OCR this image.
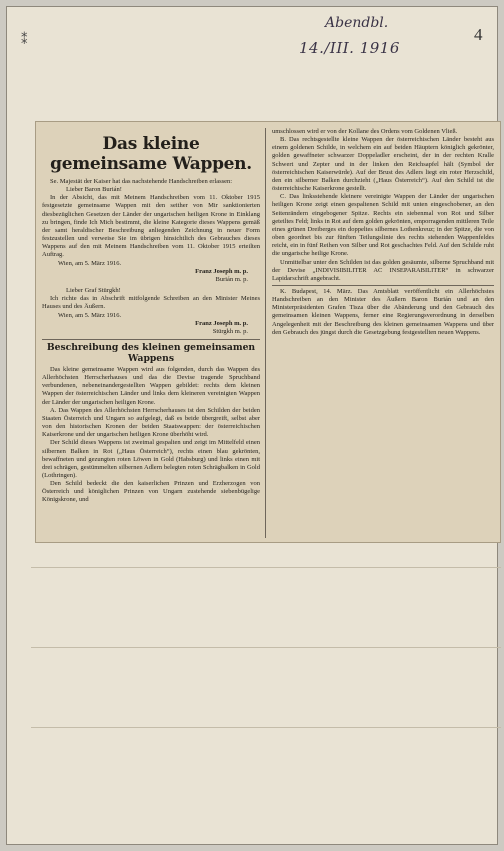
⁑
Abendbl.
14./III. 1916
4
Das kleine gemeinsame Wappen.

Se. Majestät der Kaiser hat das nachstehende Handschreiben erlassen:

Lieber Baron Burián!

In der Absicht, das mit Meinem Handschreiben vom 11. Oktober 1915 festgesetzte gemeinsame Wappen mit den seither von Mir sanktionierten diesbezüglichen Gesetzen der Länder der ungarischen heiligen Krone in Einklang zu bringen, finde Ich Mich bestimmt, die kleine Kategorie dieses Wappens gemäß der samt heraldischer Beschreibung anliegenden Zeichnung in neuer Form festzustellen und verweise Sie im übrigen hinsichtlich des Gebrauches dieses Wappens auf den mit Meinem Handschreiben vom 11. Oktober 1915 erteilten Auftrag.

Wien, am 5. März 1916.

Franz Joseph m. p.

Burián m. p.

Lieber Graf Stürgkh!

Ich richte das in Abschrift mitfolgende Schreiben an den Minister Meines Hauses und des Äußern.

Wien, am 5. März 1916.

Franz Joseph m. p.

Stürgkh m. p.

Beschreibung des kleinen gemeinsamen Wappens

Das kleine gemeinsame Wappen wird aus folgenden, durch das Wappen des Allerhöchsten Herrscherhauses und das die Devise tragende Spruchband verbundenen, nebeneinandergestellten Wappen gebildet: rechts dem kleinen Wappen der österreichischen Länder und links dem kleineren vereinigten Wappen der Länder der ungarischen heiligen Krone.

A. Das Wappen des Allerhöchsten Herrscherhauses ist den Schilden der beiden Staaten Österreich und Ungarn so aufgelegt, daß es beide übergreift, selbst aber von den historischen Kronen der beiden Staatswappen: der österreichischen Kaiserkrone und der ungarischen heiligen Krone überhöht wird.

Der Schild dieses Wappens ist zweimal gespalten und zeigt im Mittelfeld einen silbernen Balken in Rot („Haus Österreich“), rechts einen blau gekrönten, bewaffneten und gezungten roten Löwen in Gold (Habsburg) und links einen mit drei schrägen, gestümmelten silbernen Adlern belegten roten Schrägbalken in Gold (Lothringen).

Den Schild bedeckt die den kaiserlichen Prinzen und Erzherzogen von Österreich und königlichen Prinzen von Ungarn zustehende siebenbügelige Königskrone, und

umschlossen wird er von der Kollane des Ordens vom Goldenen Vließ.

B. Das rechtsgestellte kleine Wappen der österreichischen Länder besteht aus einem goldenen Schilde, in welchem ein auf beiden Häuptern königlich gekrönter, golden gewaffneter schwarzer Doppeladler erscheint, der in der rechten Kralle Schwert und Zepter und in der linken den Reichsapfel hält (Symbol der österreichischen Kaiserwürde). Auf der Brust des Adlers liegt ein roter Herzschild, den ein silberner Balken durchzieht („Haus Österreich“). Auf den Schild ist die österreichische Kaiserkrone gestellt.

C. Das linksstehende kleinere vereinigte Wappen der Länder der ungarischen heiligen Krone zeigt einen gespaltenen Schild mit unten eingeschobener, an den Seitenrändern eingebogener Spitze. Rechts ein siebenmal von Rot und Silber geteiltes Feld; links in Rot auf dem golden gekrönten, emporragenden mittleren Teile eines grünen Dreiberges ein doppeltes silbernes Lothenkreuz; in der Spitze, die von oben geordnet bis zur fünften Teilungslinie des rechts stehenden Wappenfeldes reicht, ein in fünf Reihen von Silber und Rot geschachtes Feld. Auf den Schilde ruht die ungarische heilige Krone.

Unmittelbar unter den Schilden ist das golden gesäumte, silberne Spruchband mit der Devise „INDIVISIBILITER AC INSEPARABILITER“ in schwarzer Lapidarschrift angebracht.

K. Budapest, 14. März. Das Amtsblatt veröffentlicht ein Allerhöchstes Handschreiben an den Minister des Äußern Baron Burián und an den Ministerpräsidenten Grafen Tisza über die Abänderung und den Gebrauch des gemeinsamen kleinen Wappens, ferner eine Regierungsverordnung in derselben Angelegenheit mit der Beschreibung des kleinen gemeinsamen Wappens und über den Gebrauch des jüngst durch die Gesetzgebung festgestellten neuen Wappens.
